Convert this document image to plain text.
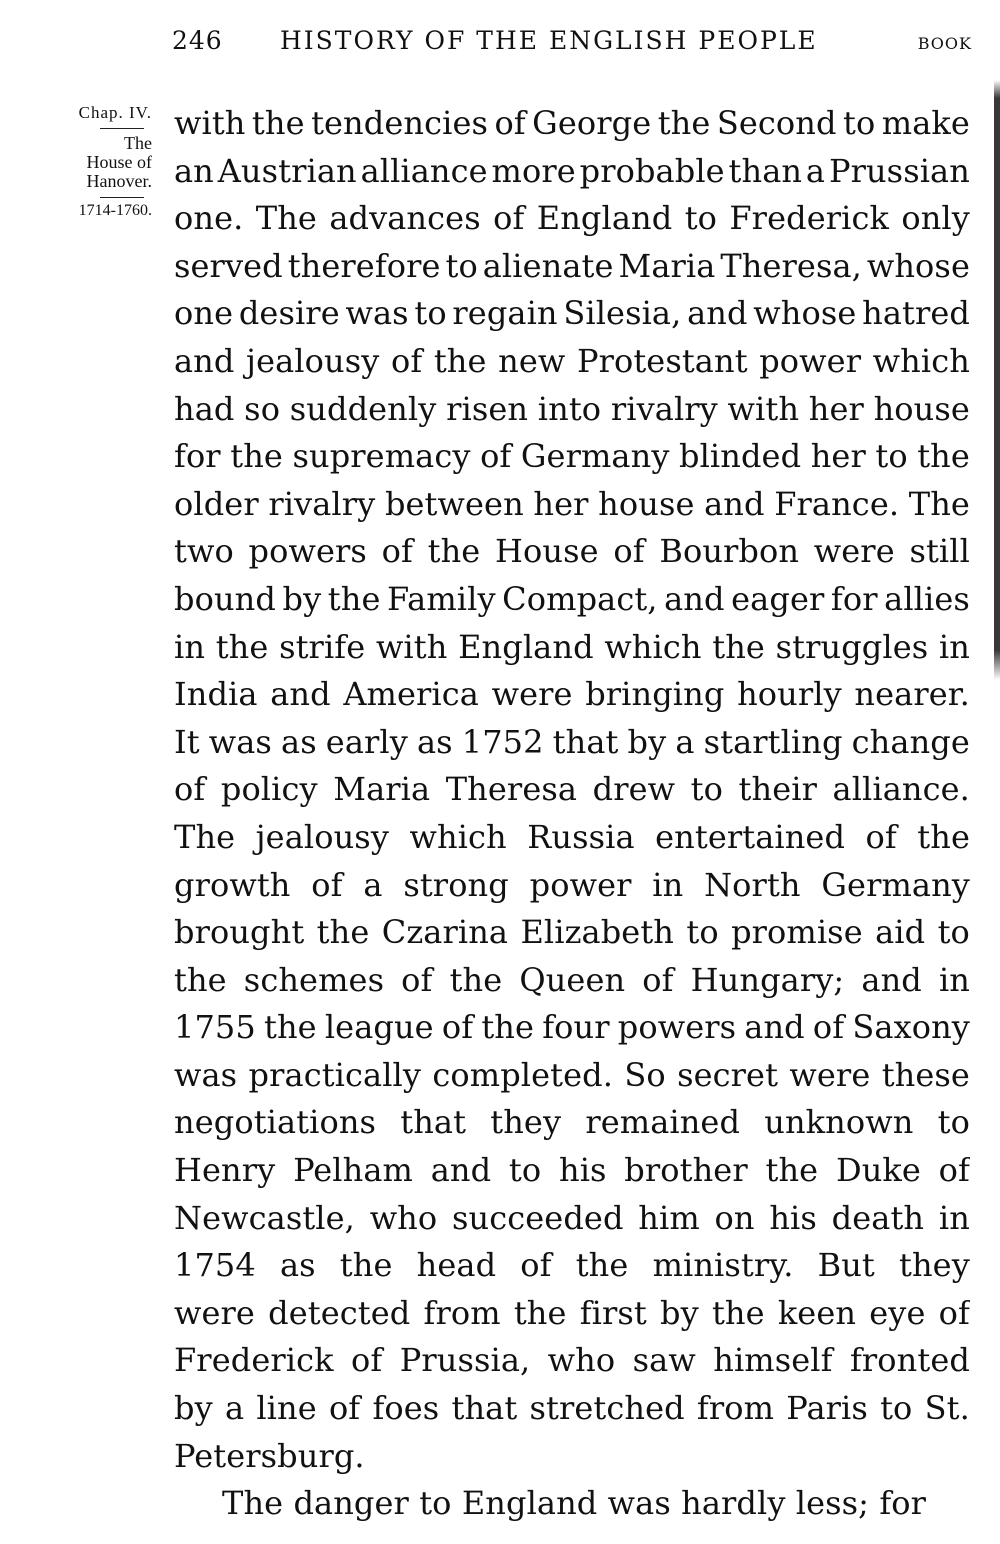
246 HISTORY OF THE ENGLISH PEOPLE	BOOK
Chap. IV.
The
House of
Hanover.
1714-1760.
with the tendencies of George the Second to make
an Austrian alliance more probable than a Prussian
one. The advances of England to Frederick only
served therefore to alienate Maria Theresa, whose
one desire was to regain Silesia, and whose hatred
and jealousy of the new Protestant power which
had so suddenly risen into rivalry with her house
for the supremacy of Germany blinded her to the
older rivalry between her house and France. The
two powers of the House of Bourbon were still
bound by the Family Compact, and eager for allies
in the strife with England which the struggles in
India and America were bringing hourly nearer.
It was as early as 1752 that by a startling change
of policy Maria Theresa drew to their alliance.
The jealousy which Russia entertained of the
growth of a strong power in North Germany
brought the Czarina Elizabeth to promise aid to
the schemes of the Queen of Hungary; and in
1755 the league of the four powers and of Saxony
was practically completed. So secret were these
negotiations that they remained unknown to
Henry Pelham and to his brother the Duke of
Newcastle, who succeeded him on his death in
1754 as the head of the ministry. But they
were detected from the first by the keen eye of
Frederick of Prussia, who saw himself fronted
by a line of foes that stretched from Paris to St.
Petersburg.
The danger to England was hardly less; for
